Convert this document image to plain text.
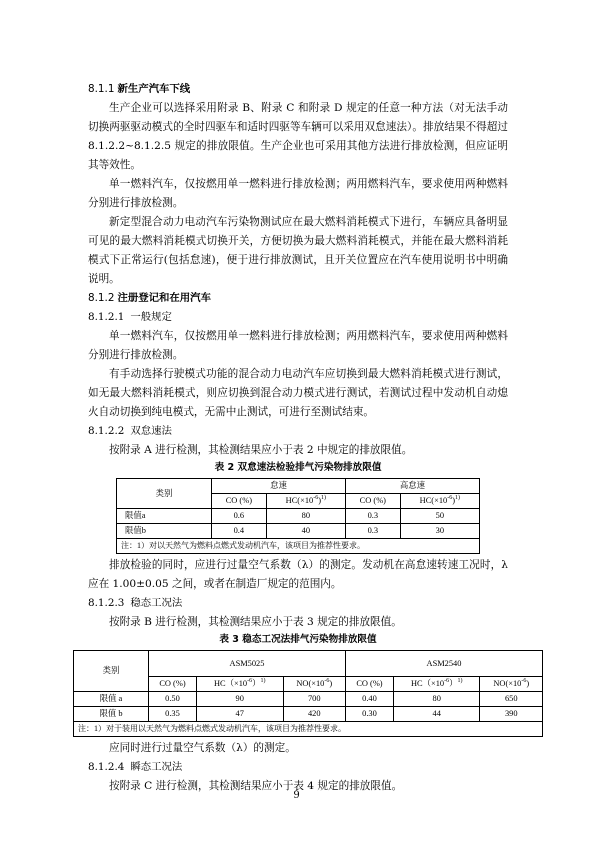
8.1.1 新生产汽车下线

生产企业可以选择采用附录 B、附录 C 和附录 D 规定的任意一种方法（对无法手动切换两驱驱动模式的全时四驱车和适时四驱等车辆可以采用双怠速法）。排放结果不得超过 8.1.2.2~8.1.2.5 规定的排放限值。生产企业也可采用其他方法进行排放检测，但应证明其等效性。

单一燃料汽车，仅按燃用单一燃料进行排放检测；两用燃料汽车，要求使用两种燃料分别进行排放检测。

新定型混合动力电动汽车污染物测试应在最大燃料消耗模式下进行，车辆应具备明显可见的最大燃料消耗模式切换开关，方便切换为最大燃料消耗模式，并能在最大燃料消耗模式下正常运行(包括怠速)，便于进行排放测试，且开关位置应在汽车使用说明书中明确说明。

8.1.2 注册登记和在用汽车

8.1.2.1 一般规定

单一燃料汽车，仅按燃用单一燃料进行排放检测；两用燃料汽车，要求使用两种燃料分别进行排放检测。

有手动选择行驶模式功能的混合动力电动汽车应切换到最大燃料消耗模式进行测试，如无最大燃料消耗模式，则应切换到混合动力模式进行测试，若测试过程中发动机自动熄火自动切换到纯电模式，无需中止测试，可进行至测试结束。

8.1.2.2 双怠速法

按附录 A 进行检测，其检测结果应小于表 2 中规定的排放限值。

表 2 双怠速法检验排气污染物排放限值

类别	怠速		高怠速	
	CO (%)	$HC(\times 10^{-6})^{1)}$	CO (%)	$HC(\times 10^{-6})^{1)}$
限值a	0.6	80	0.3	50
限值b	0.4	40	0.3	30
注：1）对以天然气为燃料点燃式发动机汽车，该项目为推荐性要求。				

排放检验的同时，应进行过量空气系数（λ）的测定。发动机在高怠速转速工况时，λ应在 1.00±0.05 之间，或者在制造厂规定的范围内。

8.1.2.3 稳态工况法

按附录 B 进行检测，其检测结果应小于表 3 规定的排放限值。

表 3 稳态工况法排气污染物排放限值

类别	ASM5025			ASM2540		
	CO (%)	$HC(\times 10^{-6})^{1)}$	$NO(\times 10^{-6})$	CO (%)	$HC(\times 10^{-6})^{1)}$	$NO(\times 10^{-6})$
限值 a	0.50	90	700	0.40	80	650
限值 b	0.35	47	420	0.30	44	390
注：1）对于装用以天然气为燃料点燃式发动机汽车，该项目为推荐性要求。						

应同时进行过量空气系数（λ）的测定。

8.1.2.4 瞬态工况法

按附录 C 进行检测，其检测结果应小于表 4 规定的排放限值。

9
